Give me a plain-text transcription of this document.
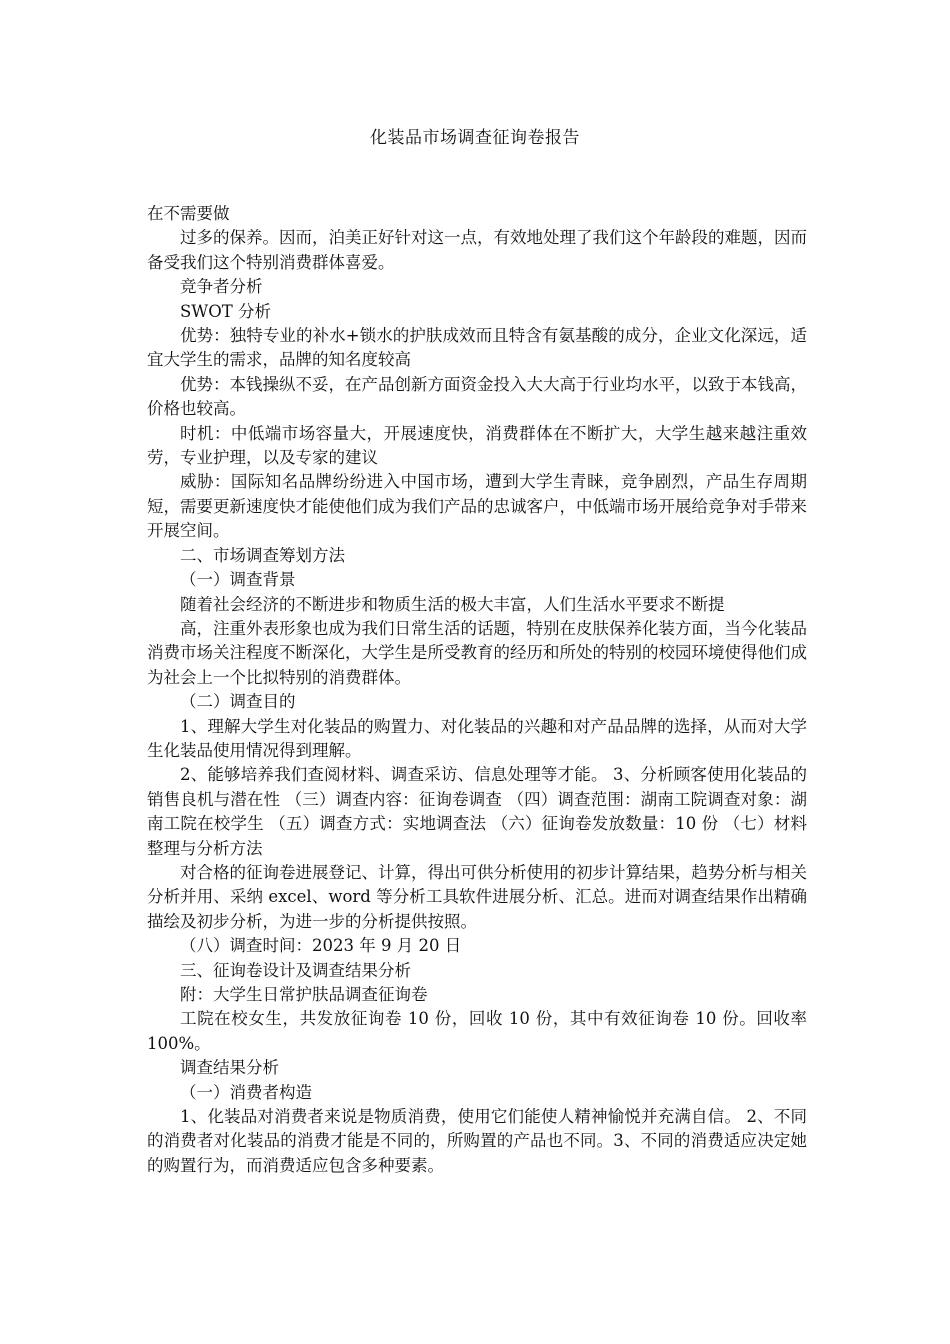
化装品市场调查征询卷报告

在不需要做

过多的保养。因而，泊美正好针对这一点，有效地处理了我们这个年龄段的难题，因而备受我们这个特别消费群体喜爱。

竞争者分析

SWOT 分析

优势：独特专业的补水+锁水的护肤成效而且特含有氨基酸的成分，企业文化深远，适宜大学生的需求，品牌的知名度较高

优势：本钱操纵不妥，在产品创新方面资金投入大大高于行业均水平，以致于本钱高，价格也较高。

时机：中低端市场容量大，开展速度快，消费群体在不断扩大，大学生越来越注重效劳，专业护理，以及专家的建议

威胁：国际知名品牌纷纷进入中国市场，遭到大学生青睐，竞争剧烈，产品生存周期短，需要更新速度快才能使他们成为我们产品的忠诚客户，中低端市场开展给竞争对手带来开展空间。

二、市场调查筹划方法

（一）调查背景

随着社会经济的不断进步和物质生活的极大丰富，人们生活水平要求不断提

高，注重外表形象也成为我们日常生活的话题，特别在皮肤保养化装方面，当今化装品消费市场关注程度不断深化，大学生是所受教育的经历和所处的特别的校园环境使得他们成为社会上一个比拟特别的消费群体。

（二）调查目的

1、理解大学生对化装品的购置力、对化装品的兴趣和对产品品牌的选择，从而对大学生化装品使用情况得到理解。

2、能够培养我们查阅材料、调查采访、信息处理等才能。 3、分析顾客使用化装品的销售良机与潜在性 （三）调查内容：征询卷调查 （四）调查范围：湖南工院调查对象：湖南工院在校学生 （五）调查方式：实地调查法 （六）征询卷发放数量：10 份 （七）材料整理与分析方法

对合格的征询卷进展登记、计算，得出可供分析使用的初步计算结果，趋势分析与相关分析并用、采纳 excel、word 等分析工具软件进展分析、汇总。进而对调查结果作出精确描绘及初步分析，为进一步的分析提供按照。

（八）调查时间：2023 年 9 月 20 日

三、征询卷设计及调查结果分析

附：大学生日常护肤品调查征询卷

工院在校女生，共发放征询卷 10 份，回收 10 份，其中有效征询卷 10 份。回收率 100%。

调查结果分析

（一）消费者构造

1、化装品对消费者来说是物质消费，使用它们能使人精神愉悦并充满自信。 2、不同的消费者对化装品的消费才能是不同的，所购置的产品也不同。3、不同的消费适应决定她的购置行为，而消费适应包含多种要素。
